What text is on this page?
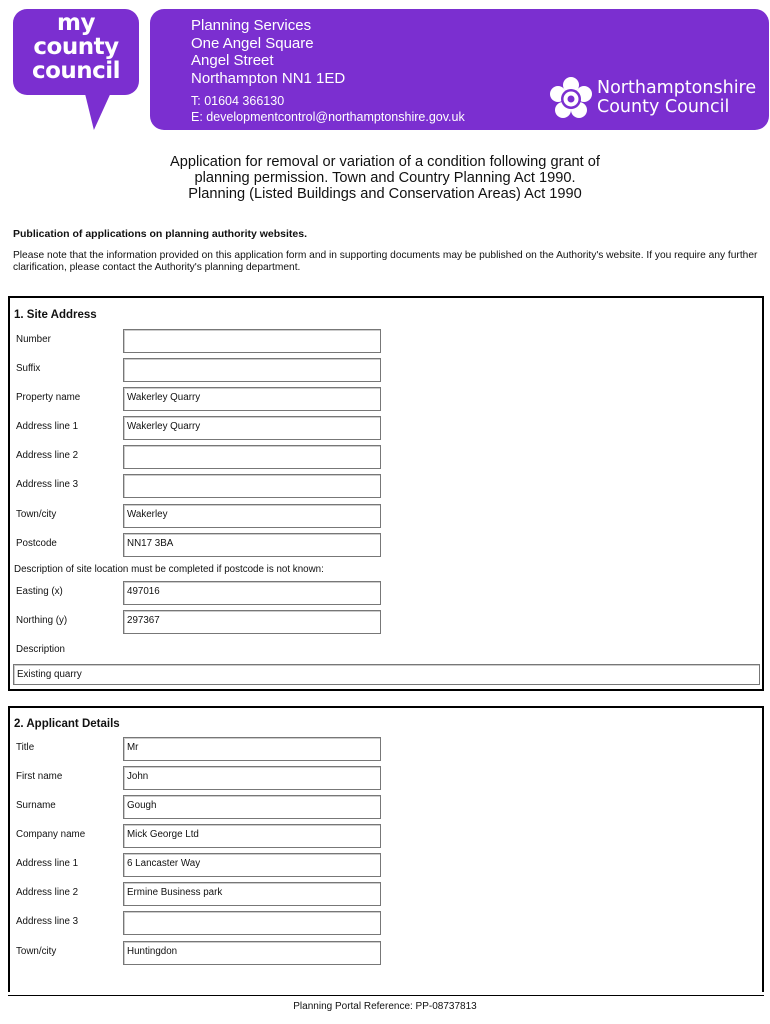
my
county
council
Planning Services
One Angel Square
Angel Street
Northampton NN1 1ED
T: 01604 366130
E: developmentcontrol@northamptonshire.gov.uk
Northamptonshire
County Council
Application for removal or variation of a condition following grant of
planning permission. Town and Country Planning Act 1990.
Planning (Listed Buildings and Conservation Areas) Act 1990
Publication of applications on planning authority websites.
Please note that the information provided on this application form and in supporting documents may be published on the Authority's website. If you require any further clarification, please contact the Authority's planning department.
1. Site Address
Number
Suffix
Property name	Wakerley Quarry
Address line 1	Wakerley Quarry
Address line 2
Address line 3
Town/city	Wakerley
Postcode	NN17 3BA
Description of site location must be completed if postcode is not known:
Easting (x)	497016
Northing (y)	297367
Description
Existing quarry
2. Applicant Details
Title	Mr
First name	John
Surname	Gough
Company name	Mick George Ltd
Address line 1	6 Lancaster Way
Address line 2	Ermine Business park
Address line 3
Town/city	Huntingdon
Planning Portal Reference: PP-08737813
